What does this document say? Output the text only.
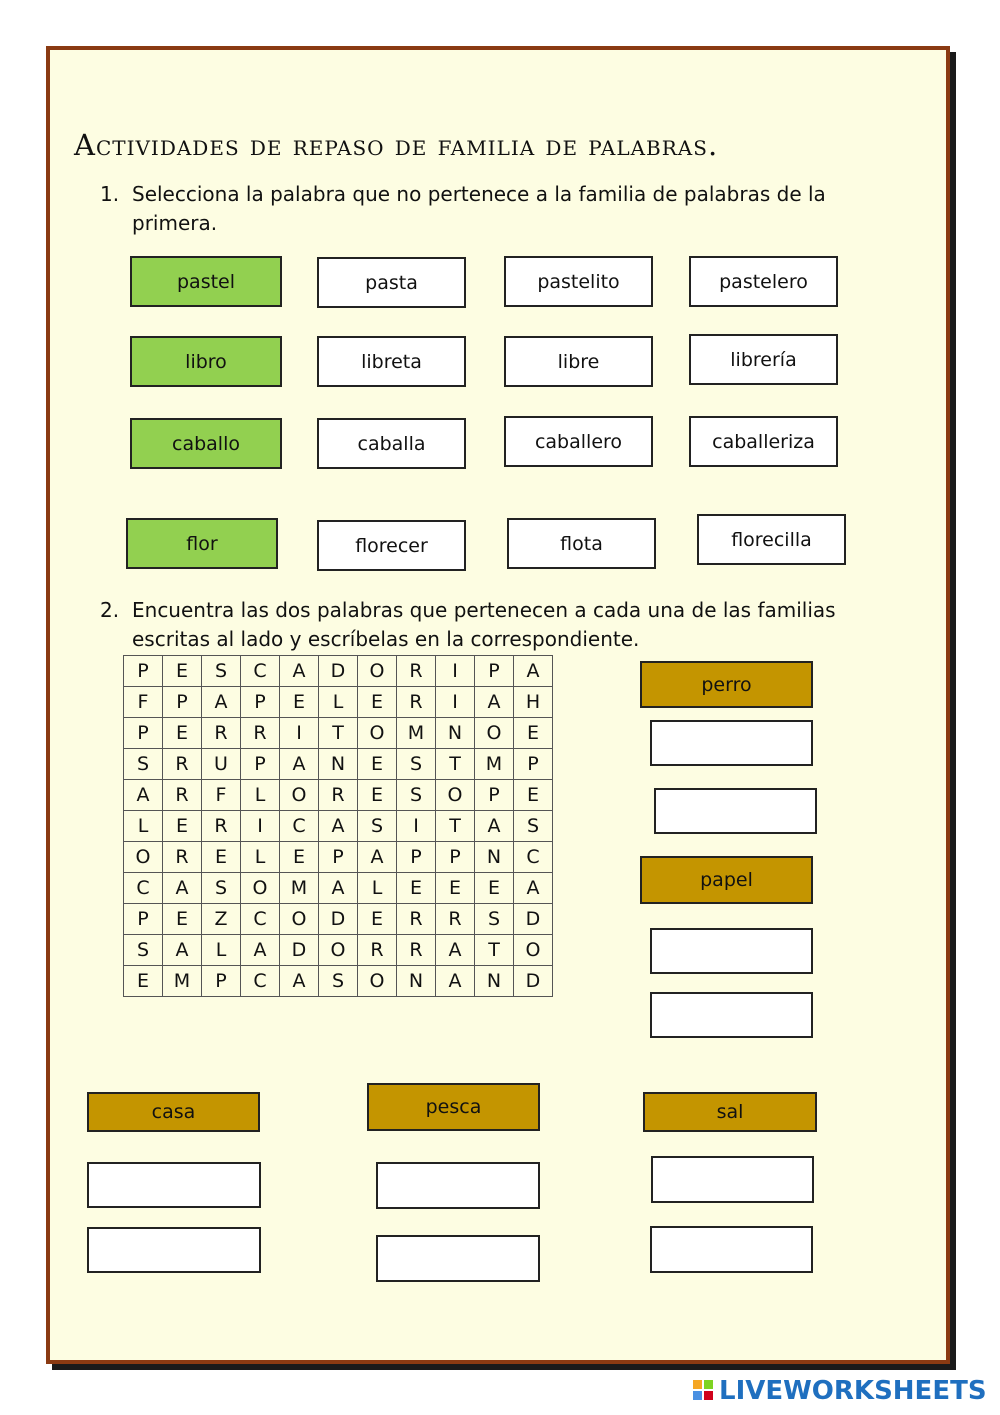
Actividades de repaso de familia de palabras.
1. Selecciona la palabra que no pertenece a la familia de palabras de la primera.
pastel	pasta	pastelito	pastelero
libro	libreta	libre	librería
caballo	caballa	caballero	caballeriza
flor	florecer	flota	florecilla
2. Encuentra las dos palabras que pertenecen a cada una de las familias escritas al lado y escríbelas en la correspondiente.
P	E	S	C	A	D	O	R	I	P	A
F	P	A	P	E	L	E	R	I	A	H
P	E	R	R	I	T	O	M	N	O	E
S	R	U	P	A	N	E	S	T	M	P
A	R	F	L	O	R	E	S	O	P	E
L	E	R	I	C	A	S	I	T	A	S
O	R	E	L	E	P	A	P	P	N	C
C	A	S	O	M	A	L	E	E	E	A
P	E	Z	C	O	D	E	R	R	S	D
S	A	L	A	D	O	R	R	A	T	O
E	M	P	C	A	S	O	N	A	N	D
perro
papel
casa	pesca	sal
LIVEWORKSHEETS
